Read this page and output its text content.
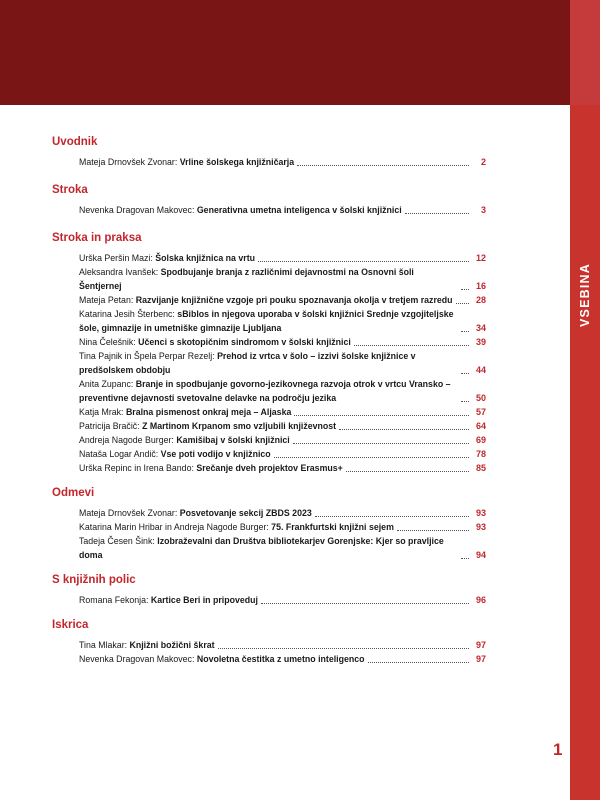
VSEBINA
Uvodnik
Mateja Drnovšek Zvonar: Vrline šolskega knjižničarja	2
Stroka
Nevenka Dragovan Makovec: Generativna umetna inteligenca v šolski knjižnici	3
Stroka in praksa
Urška Peršin Mazi: Šolska knjižnica na vrtu	12
Aleksandra Ivanšek: Spodbujanje branja z različnimi dejavnostmi na Osnovni šoli Šentjernej	16
Mateja Petan: Razvijanje knjižnične vzgoje pri pouku spoznavanja okolja v tretjem razredu	28
Katarina Jesih Šterbenc: sBiblos in njegova uporaba v šolski knjižnici Srednje vzgojiteljske šole, gimnazije in umetniške gimnazije Ljubljana	34
Nina Čelešnik: Učenci s skotopičnim sindromom v šolski knjižnici	39
Tina Pajnik in Špela Perpar Rezelj: Prehod iz vrtca v šolo – izzivi šolske knjižnice v predšolskem obdobju	44
Anita Zupanc: Branje in spodbujanje govorno-jezikovnega razvoja otrok v vrtcu Vransko – preventivne dejavnosti svetovalne delavke na področju jezika	50
Katja Mrak: Bralna pismenost onkraj meja – Aljaska	57
Patricija Bračič: Z Martinom Krpanom smo vzljubili književnost	64
Andreja Nagode Burger: Kamišibaj v šolski knjižnici	69
Nataša Logar Andič: Vse poti vodijo v knjižnico	78
Urška Repinc in Irena Bando: Srečanje dveh projektov Erasmus+	85
Odmevi
Mateja Drnovšek Zvonar: Posvetovanje sekcij ZBDS 2023	93
Katarina Marin Hribar in Andreja Nagode Burger: 75. Frankfurtski knjižni sejem	93
Tadeja Česen Šink: Izobraževalni dan Društva bibliotekarjev Gorenjske: Kjer so pravljice doma	94
S knjižnih polic
Romana Fekonja: Kartice Beri in pripoveduj	96
Iskrica
Tina Mlakar: Knjižni božični škrat	97
Nevenka Dragovan Makovec: Novoletna čestitka z umetno inteligenco	97
1
